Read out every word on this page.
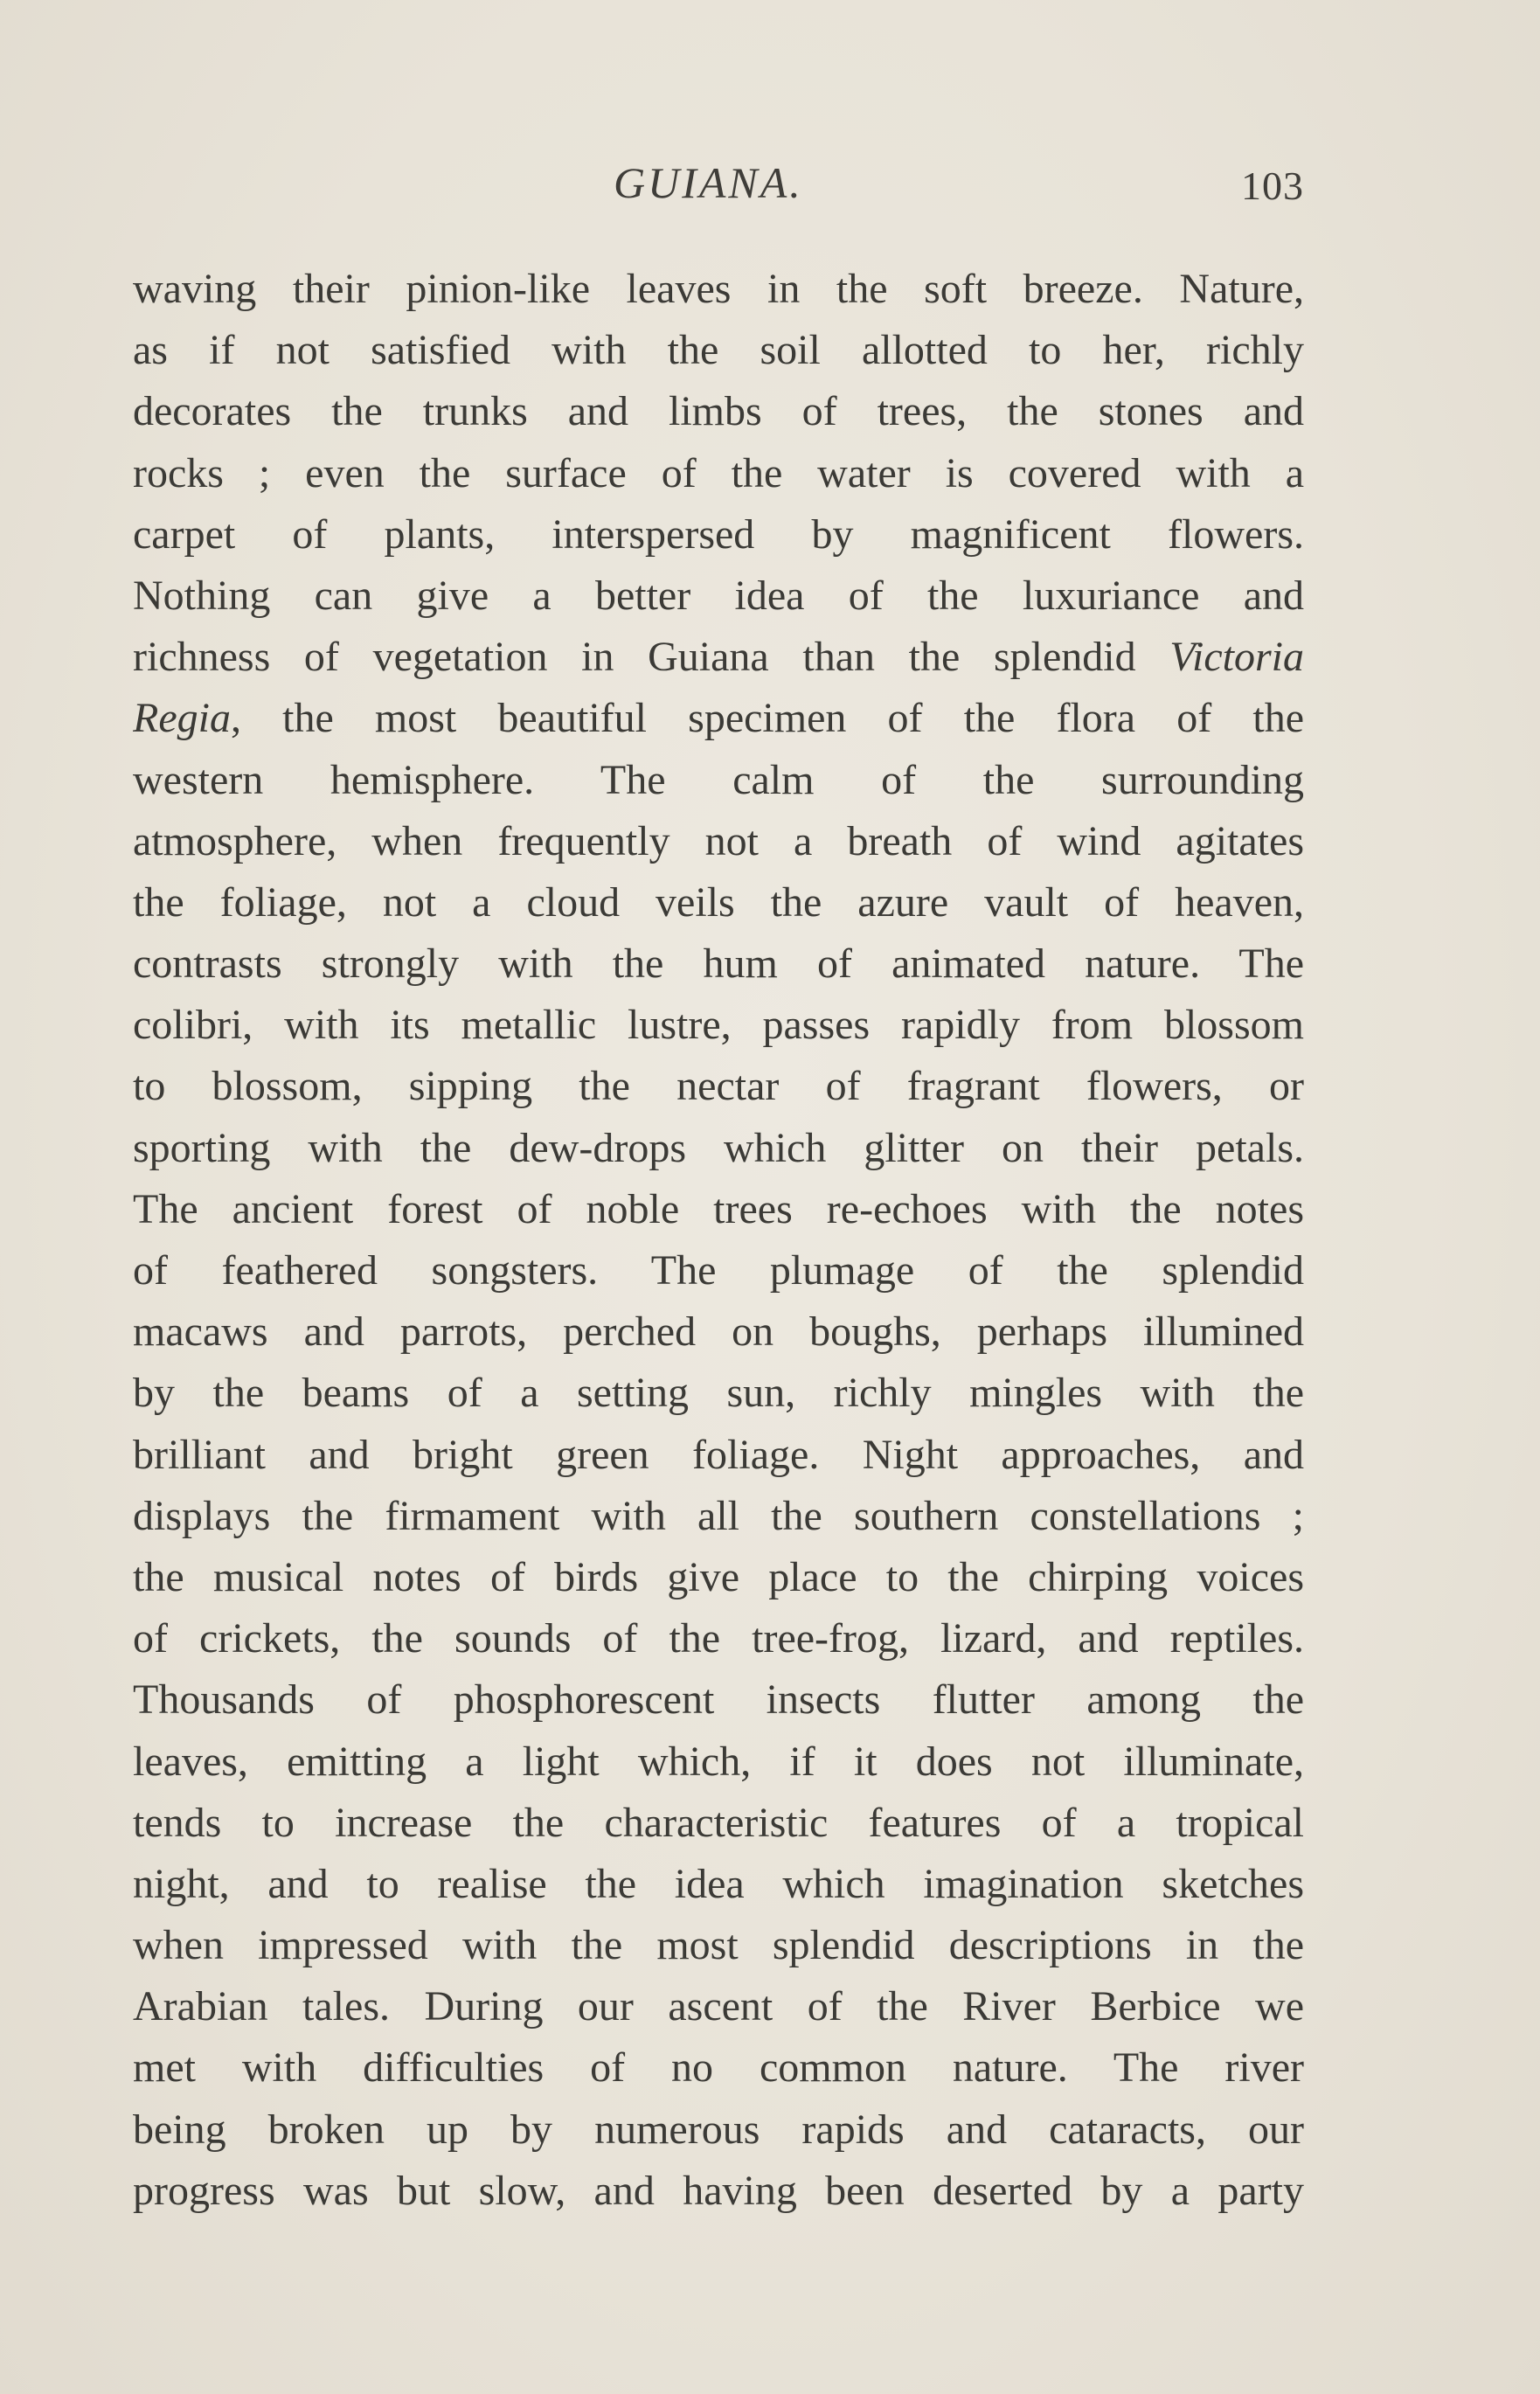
GUIANA.	103
waving their pinion-like leaves in the soft breeze. Nature,
as if not satisfied with the soil allotted to her, richly
decorates the trunks and limbs of trees, the stones and
rocks ; even the surface of the water is covered with a
carpet of plants, interspersed by magnificent flowers.
Nothing can give a better idea of the luxuriance and
richness of vegetation in Guiana than the splendid Victoria
Regia, the most beautiful specimen of the flora of the
western hemisphere. The calm of the surrounding
atmosphere, when frequently not a breath of wind agitates
the foliage, not a cloud veils the azure vault of heaven,
contrasts strongly with the hum of animated nature. The
colibri, with its metallic lustre, passes rapidly from blossom
to blossom, sipping the nectar of fragrant flowers, or
sporting with the dew-drops which glitter on their petals.
The ancient forest of noble trees re-echoes with the notes
of feathered songsters. The plumage of the splendid
macaws and parrots, perched on boughs, perhaps illumined
by the beams of a setting sun, richly mingles with the
brilliant and bright green foliage. Night approaches, and
displays the firmament with all the southern constellations ;
the musical notes of birds give place to the chirping voices
of crickets, the sounds of the tree-frog, lizard, and reptiles.
Thousands of phosphorescent insects flutter among the
leaves, emitting a light which, if it does not illuminate,
tends to increase the characteristic features of a tropical
night, and to realise the idea which imagination sketches
when impressed with the most splendid descriptions in the
Arabian tales. During our ascent of the River Berbice we
met with difficulties of no common nature. The river
being broken up by numerous rapids and cataracts, our
progress was but slow, and having been deserted by a party
